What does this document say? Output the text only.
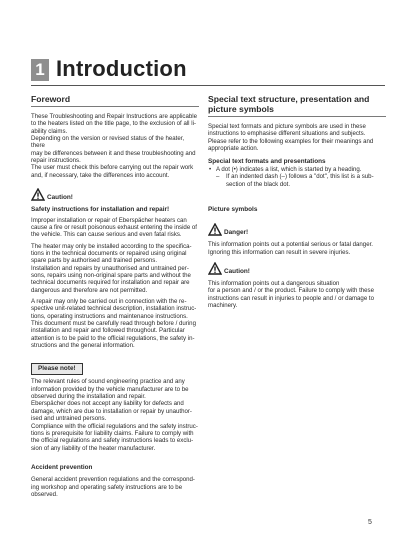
1 Introduction

Foreword

These Troubleshooting and Repair Instructions are applicable

to the heaters listed on the title page, to the exclusion of all li-

ability claims.

Depending on the version or revised status of the heater, there

may be differences between it and these troubleshooting and

repair instructions.

The user must check this before carrying out the repair work

and, if necessary, take the differences into account.

Caution!

Safety instructions for installation and repair!

Improper installation or repair of Eberspächer heaters can

cause a fire or result poisonous exhaust entering the inside of

the vehicle. This can cause serious and even fatal risks.

The heater may only be installed according to the specifica-

tions in the technical documents or repaired using original

spare parts by authorised and trained persons.

Installation and repairs by unauthorised and untrained per-

sons, repairs using non-original spare parts and without the

technical documents required for installation and repair are

dangerous and therefore are not permitted.

A repair may only be carried out in connection with the re-

spective unit-related technical description, installation instruc-

tions, operating instructions and maintenance instructions.

This document must be carefully read through before / during

installation and repair and followed throughout. Particular

attention is to be paid to the official regulations, the safety in-

structions and the general information.

Please note!

The relevant rules of sound engineering practice and any

information provided by the vehicle manufacturer are to be

observed during the installation and repair.

Eberspächer does not accept any liability for defects and

damage, which are due to installation or repair by unauthor-

ised and untrained persons.

Compliance with the official regulations and the safety instruc-

tions is prerequisite for liability claims. Failure to comply with

the official regulations and safety instructions leads to exclu-

sion of any liability of the heater manufacturer.

Accident prevention

General accident prevention regulations and the correspond-

ing workshop and operating safety instructions are to be

observed.

Special text structure, presentation and

picture symbols

Special text formats and picture symbols are used in these

instructions to emphasise different situations and subjects.

Please refer to the following examples for their meanings and

appropriate action.

Special text formats and presentations

• A dot (•) indicates a list, which is started by a heading.
– If an indented dash (–) follows a "dot", this list is a sub-
section of the black dot.

Picture symbols

Danger!

This information points out a potential serious or fatal danger.

Ignoring this information can result in severe injuries.

Caution!

This information points out a dangerous situation

for a person and / or the product. Failure to comply with these

instructions can result in injuries to people and / or damage to

machinery.

5
